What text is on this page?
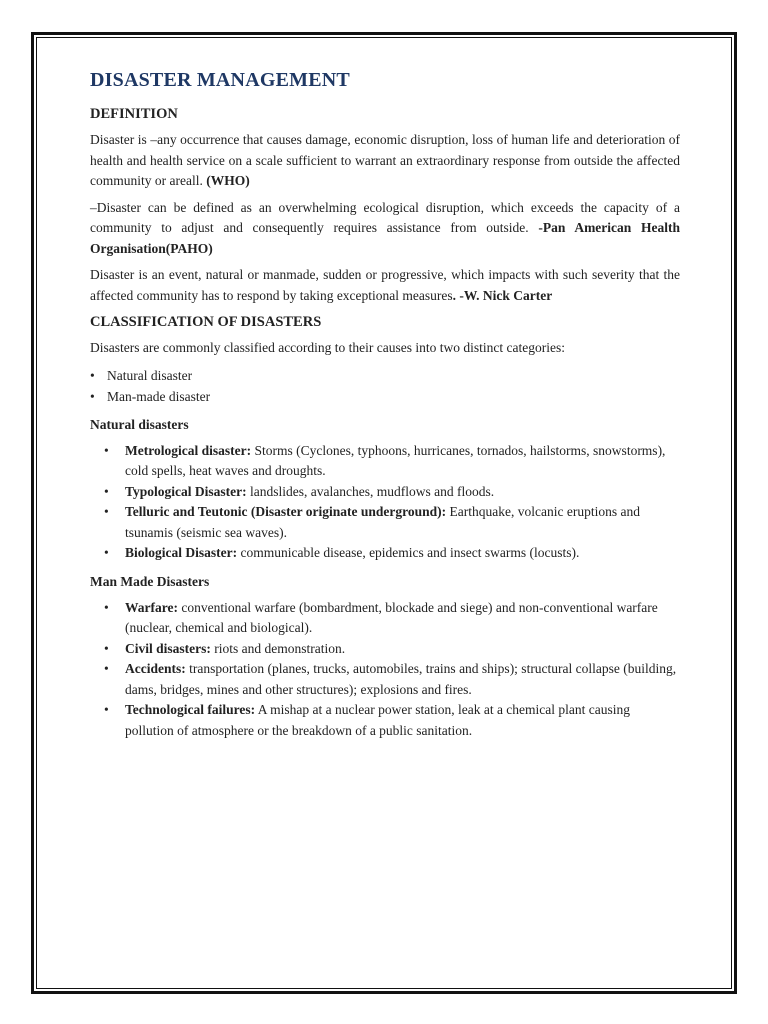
DISASTER MANAGEMENT
DEFINITION

Disaster is –any occurrence that causes damage, economic disruption, loss of human life and deterioration of health and health service on a scale sufficient to warrant an extraordinary response from outside the affected community or areall. (WHO)

–Disaster can be defined as an overwhelming ecological disruption, which exceeds the capacity of a community to adjust and consequently requires assistance from outside. -Pan American Health Organisation(PAHO)

Disaster is an event, natural or manmade, sudden or progressive, which impacts with such severity that the affected community has to respond by taking exceptional measures. -W. Nick Carter

CLASSIFICATION OF DISASTERS

Disasters are commonly classified according to their causes into two distinct categories:

• Natural disaster
• Man-made disaster
Natural disasters
• Metrological disaster: Storms (Cyclones, typhoons, hurricanes, tornados, hailstorms, snowstorms), cold spells, heat waves and droughts.
• Typological Disaster: landslides, avalanches, mudflows and floods.
• Telluric and Teutonic (Disaster originate underground): Earthquake, volcanic eruptions and tsunamis (seismic sea waves).
• Biological Disaster: communicable disease, epidemics and insect swarms (locusts).
Man Made Disasters
• Warfare: conventional warfare (bombardment, blockade and siege) and non-conventional warfare (nuclear, chemical and biological).
• Civil disasters: riots and demonstration.
• Accidents: transportation (planes, trucks, automobiles, trains and ships); structural collapse (building, dams, bridges, mines and other structures); explosions and fires.
• Technological failures: A mishap at a nuclear power station, leak at a chemical plant causing pollution of atmosphere or the breakdown of a public sanitation.
